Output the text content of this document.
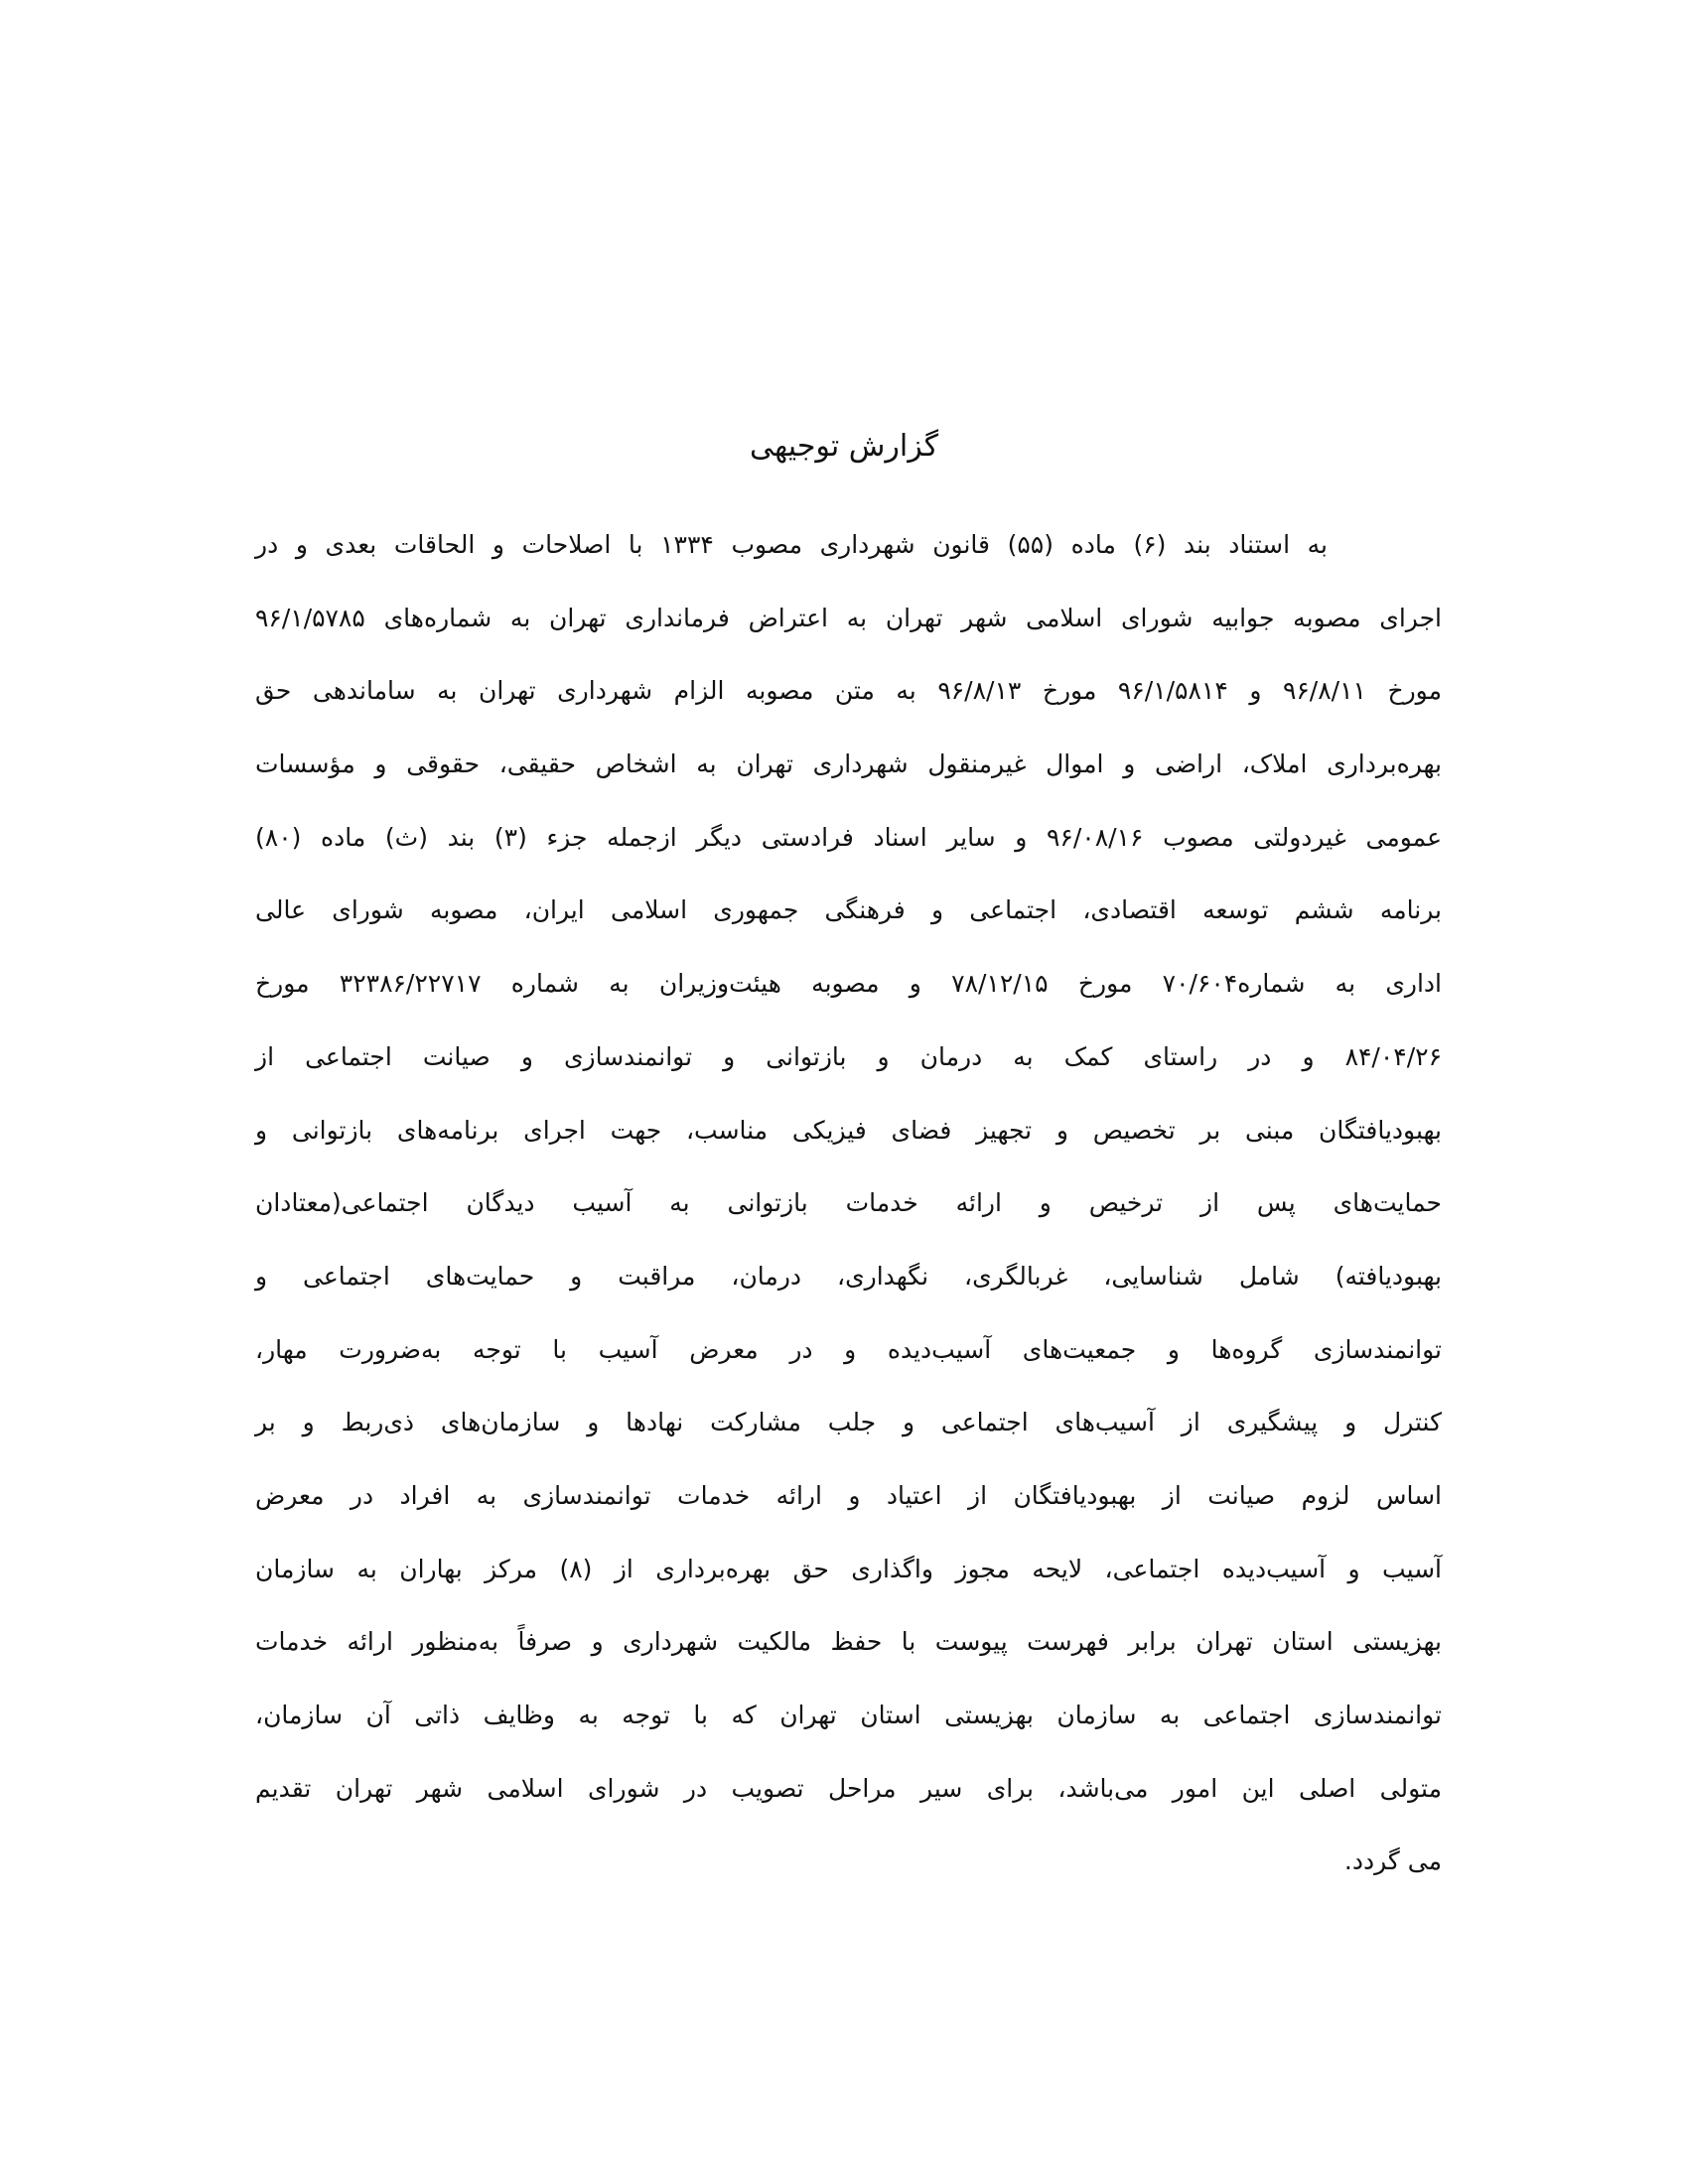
گزارش توجیهی
به استناد بند (۶) ماده (۵۵) قانون شهرداری مصوب ۱۳۳۴ با اصلاحات و الحاقات بعدی و در
اجرای مصوبه جوابیه شورای اسلامی شهر تهران به اعتراض فرمانداری تهران به شماره‌های ۹۶/۱/۵۷۸۵
مورخ ۹۶/۸/۱۱ و ۹۶/۱/۵۸۱۴ مورخ ۹۶/۸/۱۳ به متن مصوبه الزام شهرداری تهران به ساماندهی حق
بهره‌برداری املاک، اراضی و اموال غیرمنقول شهرداری تهران به اشخاص حقیقی، حقوقی و مؤسسات
عمومی غیردولتی مصوب ۹۶/۰۸/۱۶ و سایر اسناد فرادستی دیگر ازجمله جزء (۳) بند (ث) ماده (۸۰)
برنامه ششم توسعه اقتصادی، اجتماعی و فرهنگی جمهوری اسلامی ایران، مصوبه شورای عالی
اداری به شماره۷۰/۶۰۴ مورخ ۷۸/۱۲/۱۵ و مصوبه هیئت‌وزیران به شماره ۳۲۳۸۶/۲۲۷۱۷ مورخ
۸۴/۰۴/۲۶ و در راستای کمک به درمان و بازتوانی و توانمندسازی و صیانت اجتماعی از
بهبودیافتگان مبنی بر تخصیص و تجهیز فضای فیزیکی مناسب، جهت اجرای برنامه‌های بازتوانی و
حمایت‌های پس از ترخیص و ارائه خدمات بازتوانی به آسیب دیدگان اجتماعی(معتادان
بهبودیافته) شامل شناسایی، غربالگری، نگهداری، درمان، مراقبت و حمایت‌های اجتماعی و
توانمندسازی گروه‌ها و جمعیت‌های آسیب‌دیده و در معرض آسیب با توجه به‌ضرورت مهار،
کنترل و پیشگیری از آسیب‌های اجتماعی و جلب مشارکت نهادها و سازمان‌های ذی‌ربط و بر
اساس لزوم صیانت از بهبودیافتگان از اعتیاد و ارائه خدمات توانمندسازی به افراد در معرض
آسیب و آسیب‌دیده اجتماعی، لایحه مجوز واگذاری حق بهره‌برداری از (۸) مرکز بهاران به سازمان
بهزیستی استان تهران برابر فهرست پیوست با حفظ مالکیت شهرداری و صرفاً به‌منظور ارائه خدمات
توانمندسازی اجتماعی به سازمان بهزیستی استان تهران که با توجه به وظایف ذاتی آن سازمان،
متولی اصلی این امور می‌باشد، برای سیر مراحل تصویب در شورای اسلامی شهر تهران تقدیم
می گردد.
